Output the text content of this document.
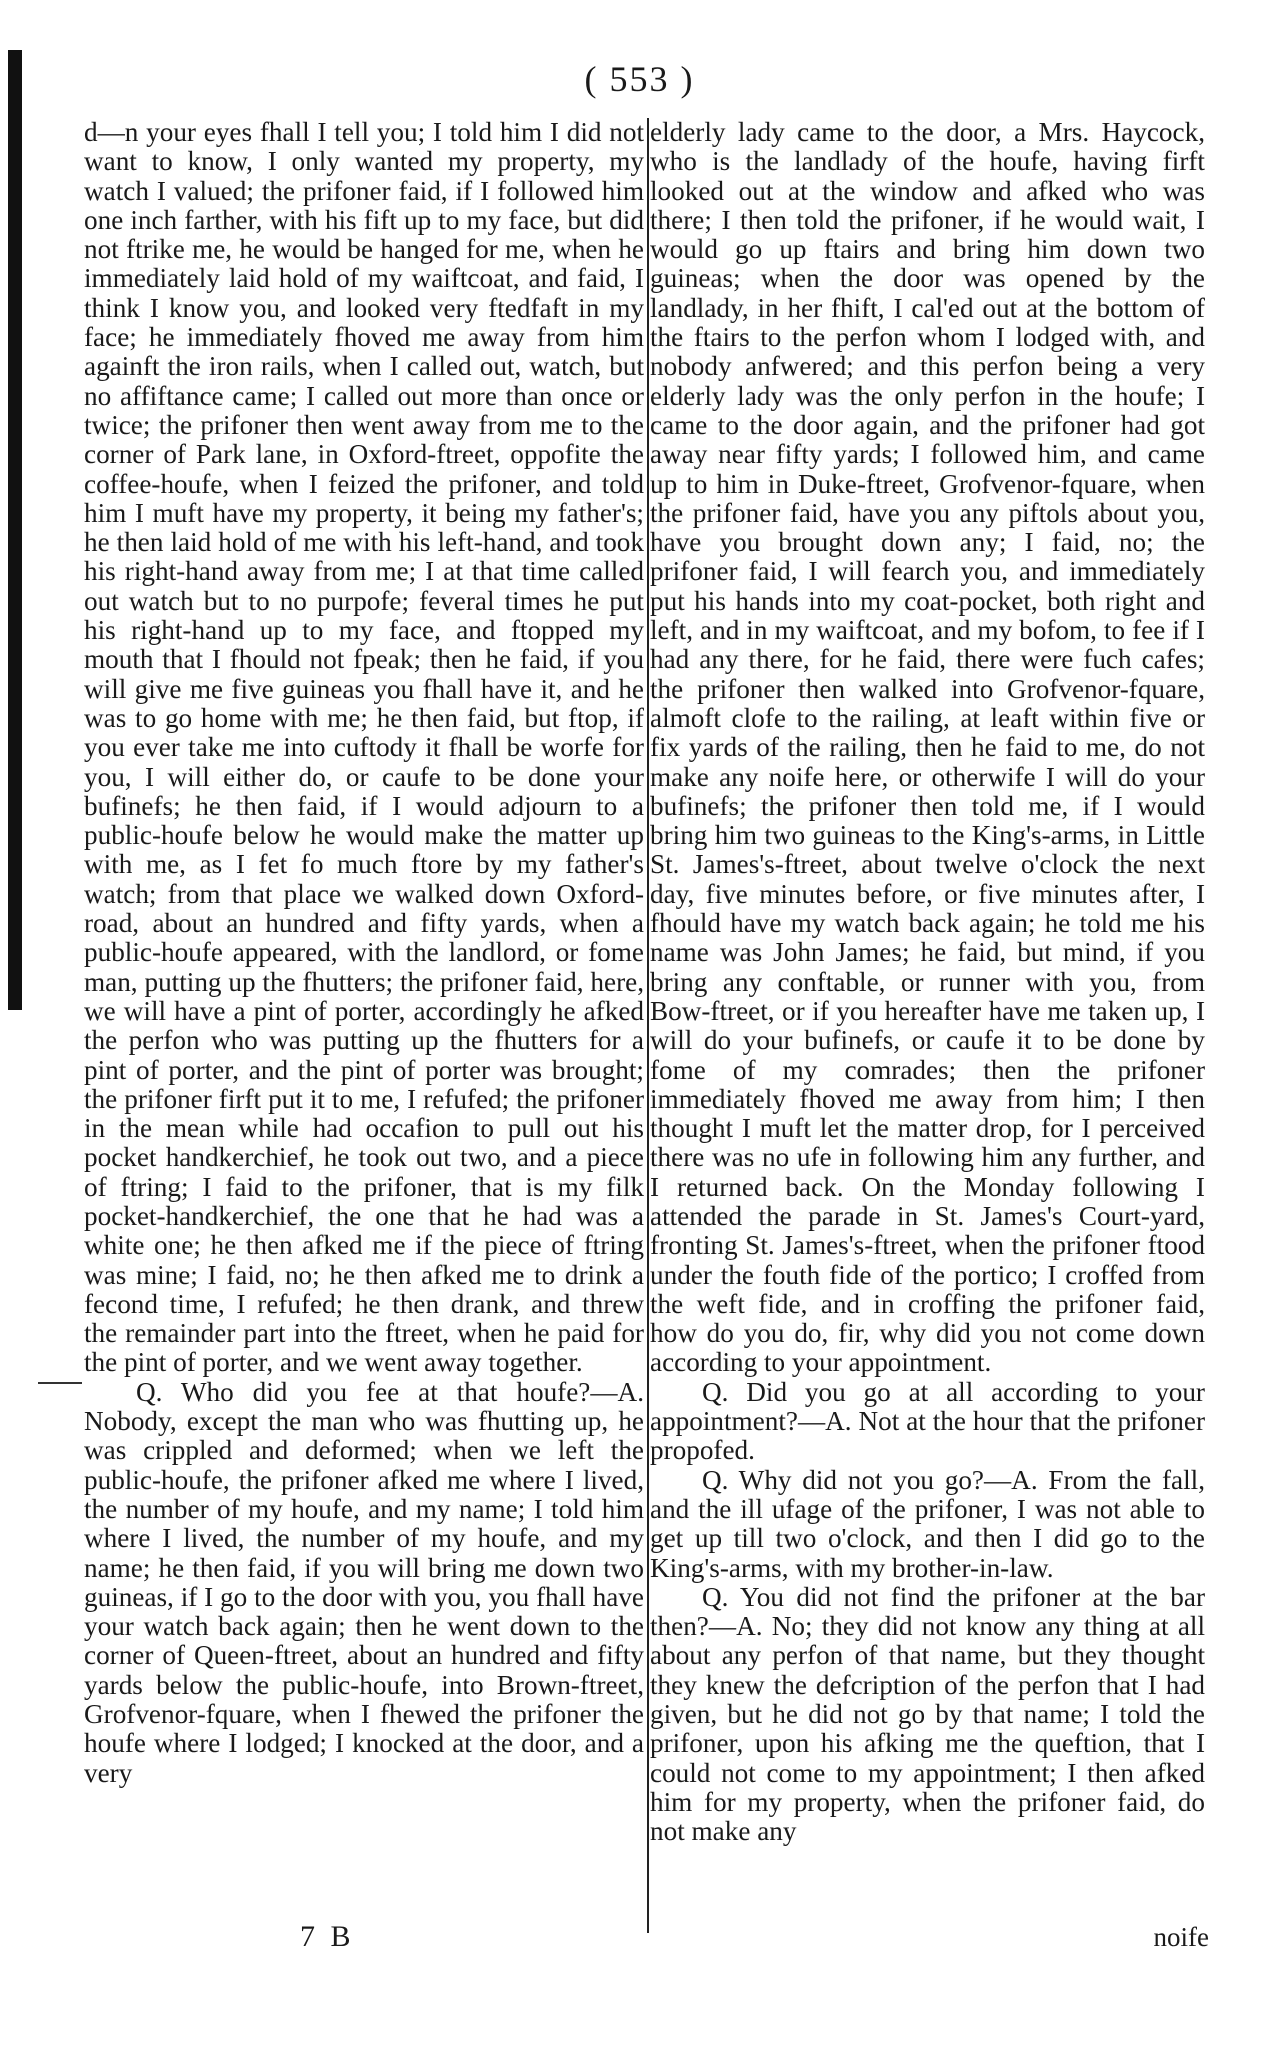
( 553 )

d—n your eyes fhall I tell you; I told him I did not want to know, I only wanted my property, my watch I valued; the prifoner faid, if I followed him one inch farther, with his fift up to my face, but did not ftrike me, he would be hanged for me, when he immediately laid hold of my waiftcoat, and faid, I think I know you, and looked very ftedfaft in my face; he immediately fhoved me away from him againft the iron rails, when I called out, watch, but no affiftance came; I called out more than once or twice; the prifoner then went away from me to the corner of Park lane, in Oxford-ftreet, oppofite the coffee-houfe, when I feized the prifoner, and told him I muft have my property, it being my father's; he then laid hold of me with his left-hand, and took his right-hand away from me; I at that time called out watch but to no purpofe; feveral times he put his right-hand up to my face, and ftopped my mouth that I fhould not fpeak; then he faid, if you will give me five guineas you fhall have it, and he was to go home with me; he then faid, but ftop, if you ever take me into cuftody it fhall be worfe for you, I will either do, or caufe to be done your bufinefs; he then faid, if I would adjourn to a public-houfe below he would make the matter up with me, as I fet fo much ftore by my father's watch; from that place we walked down Oxford-road, about an hundred and fifty yards, when a public-houfe appeared, with the landlord, or fome man, putting up the fhutters; the prifoner faid, here, we will have a pint of porter, accordingly he afked the perfon who was putting up the fhutters for a pint of porter, and the pint of porter was brought; the prifoner firft put it to me, I refufed; the prifoner in the mean while had occafion to pull out his pocket handkerchief, he took out two, and a piece of ftring; I faid to the prifoner, that is my filk pocket-handkerchief, the one that he had was a white one; he then afked me if the piece of ftring was mine; I faid, no; he then afked me to drink a fecond time, I refufed; he then drank, and threw the remainder part into the ftreet, when he paid for the pint of porter, and we went away together.

Q. Who did you fee at that houfe?—A. Nobody, except the man who was fhutting up, he was crippled and deformed; when we left the public-houfe, the prifoner afked me where I lived, the number of my houfe, and my name; I told him where I lived, the number of my houfe, and my name; he then faid, if you will bring me down two guineas, if I go to the door with you, you fhall have your watch back again; then he went down to the corner of Queen-ftreet, about an hundred and fifty yards below the public-houfe, into Brown-ftreet, Grofvenor-fquare, when I fhewed the prifoner the houfe where I lodged; I knocked at the door, and a very

elderly lady came to the door, a Mrs. Haycock, who is the landlady of the houfe, having firft looked out at the window and afked who was there; I then told the prifoner, if he would wait, I would go up ftairs and bring him down two guineas; when the door was opened by the landlady, in her fhift, I cal'ed out at the bottom of the ftairs to the perfon whom I lodged with, and nobody anfwered; and this perfon being a very elderly lady was the only perfon in the houfe; I came to the door again, and the prifoner had got away near fifty yards; I followed him, and came up to him in Duke-ftreet, Grofvenor-fquare, when the prifoner faid, have you any piftols about you, have you brought down any; I faid, no; the prifoner faid, I will fearch you, and immediately put his hands into my coat-pocket, both right and left, and in my waiftcoat, and my bofom, to fee if I had any there, for he faid, there were fuch cafes; the prifoner then walked into Grofvenor-fquare, almoft clofe to the railing, at leaft within five or fix yards of the railing, then he faid to me, do not make any noife here, or otherwife I will do your bufinefs; the prifoner then told me, if I would bring him two guineas to the King's-arms, in Little St. James's-ftreet, about twelve o'clock the next day, five minutes before, or five minutes after, I fhould have my watch back again; he told me his name was John James; he faid, but mind, if you bring any conftable, or runner with you, from Bow-ftreet, or if you hereafter have me taken up, I will do your bufinefs, or caufe it to be done by fome of my comrades; then the prifoner immediately fhoved me away from him; I then thought I muft let the matter drop, for I perceived there was no ufe in following him any further, and I returned back. On the Monday following I attended the parade in St. James's Court-yard, fronting St. James's-ftreet, when the prifoner ftood under the fouth fide of the portico; I croffed from the weft fide, and in croffing the prifoner faid, how do you do, fir, why did you not come down according to your appointment.

Q. Did you go at all according to your appointment?—A. Not at the hour that the prifoner propofed.

Q. Why did not you go?—A. From the fall, and the ill ufage of the prifoner, I was not able to get up till two o'clock, and then I did go to the King's-arms, with my brother-in-law.

Q. You did not find the prifoner at the bar then?—A. No; they did not know any thing at all about any perfon of that name, but they thought they knew the defcription of the perfon that I had given, but he did not go by that name; I told the prifoner, upon his afking me the queftion, that I could not come to my appointment; I then afked him for my property, when the prifoner faid, do not make any

7 B	noife
